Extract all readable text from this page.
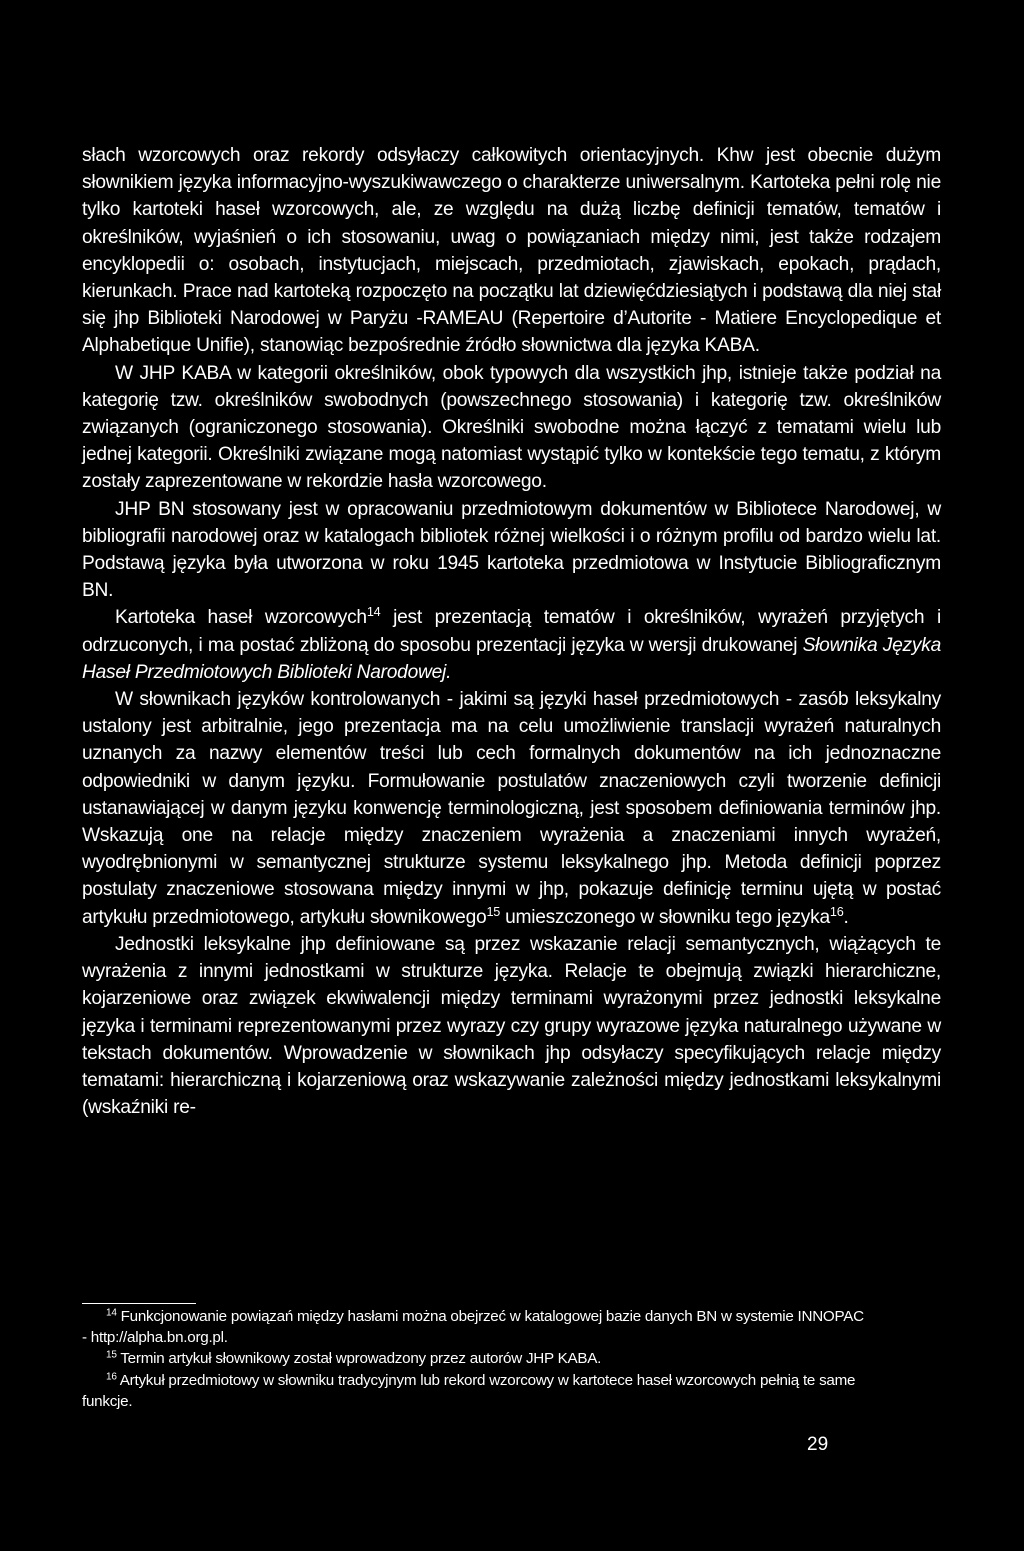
słach wzorcowych oraz rekordy odsyłaczy całkowitych orientacyjnych. Khw jest obecnie dużym słownikiem języka informacyjno-wyszukiwawczego o charakterze uniwersalnym. Kartoteka pełni rolę nie tylko kartoteki haseł wzorcowych, ale, ze względu na dużą liczbę definicji tematów, tematów i określników, wyjaśnień o ich stosowaniu, uwag o powiązaniach między nimi, jest także rodzajem encyklopedii o: osobach, instytucjach, miejscach, przedmiotach, zjawiskach, epokach, prądach, kierunkach. Prace nad kartoteką rozpoczęto na początku lat dziewięćdziesiątych i podstawą dla niej stał się jhp Biblioteki Narodowej w Paryżu -RAMEAU (Repertoire d’Autorite - Matiere Encyclopedique et Alphabetique Unifie), stanowiąc bezpośrednie źródło słownictwa dla języka KABA.

W JHP KABA w kategorii określników, obok typowych dla wszystkich jhp, istnieje także podział na kategorię tzw. określników swobodnych (powszechnego stosowania) i kategorię tzw. określników związanych (ograniczonego stosowania). Określniki swobodne można łączyć z tematami wielu lub jednej kategorii. Określniki związane mogą natomiast wystąpić tylko w kontekście tego tematu, z którym zostały zaprezentowane w rekordzie hasła wzorcowego.

JHP BN stosowany jest w opracowaniu przedmiotowym dokumentów w Bibliotece Narodowej, w bibliografii narodowej oraz w katalogach bibliotek różnej wielkości i o różnym profilu od bardzo wielu lat. Podstawą języka była utworzona w roku 1945 kartoteka przedmiotowa w Instytucie Bibliograficznym BN.

Kartoteka haseł wzorcowych$^{14}$ jest prezentacją tematów i określników, wyrażeń przyjętych i odrzuconych, i ma postać zbliżoną do sposobu prezentacji języka w wersji drukowanej Słownika Języka Haseł Przedmiotowych Biblioteki Narodowej.

W słownikach języków kontrolowanych - jakimi są języki haseł przedmiotowych - zasób leksykalny ustalony jest arbitralnie, jego prezentacja ma na celu umożliwienie translacji wyrażeń naturalnych uznanych za nazwy elementów treści lub cech formalnych dokumentów na ich jednoznaczne odpowiedniki w danym języku. Formułowanie postulatów znaczeniowych czyli tworzenie definicji ustanawiającej w danym języku konwencję terminologiczną, jest sposobem definiowania terminów jhp. Wskazują one na relacje między znaczeniem wyrażenia a znaczeniami innych wyrażeń, wyodrębnionymi w semantycznej strukturze systemu leksykalnego jhp. Metoda definicji poprzez postulaty znaczeniowe stosowana między innymi w jhp, pokazuje definicję terminu ujętą w postać artykułu przedmiotowego, artykułu słownikowego$^{15}$ umieszczonego w słowniku tego języka$^{16}$.

Jednostki leksykalne jhp definiowane są przez wskazanie relacji semantycznych, wiążących te wyrażenia z innymi jednostkami w strukturze języka. Relacje te obejmują związki hierarchiczne, kojarzeniowe oraz związek ekwiwalencji między terminami wyrażonymi przez jednostki leksykalne języka i terminami reprezentowanymi przez wyrazy czy grupy wyrazowe języka naturalnego używane w tekstach dokumentów. Wprowadzenie w słownikach jhp odsyłaczy specyfikujących relacje między tematami: hierarchiczną i kojarzeniową oraz wskazywanie zależności między jednostkami leksykalnymi (wskaźniki re-

$^{14}$ Funkcjonowanie powiązań między hasłami można obejrzeć w katalogowej bazie danych BN w systemie INNOPAC - http://alpha.bn.org.pl.

$^{15}$ Termin artykuł słownikowy został wprowadzony przez autorów JHP KABA.

$^{16}$ Artykuł przedmiotowy w słowniku tradycyjnym lub rekord wzorcowy w kartotece haseł wzorcowych pełnią te same funkcje.

29
